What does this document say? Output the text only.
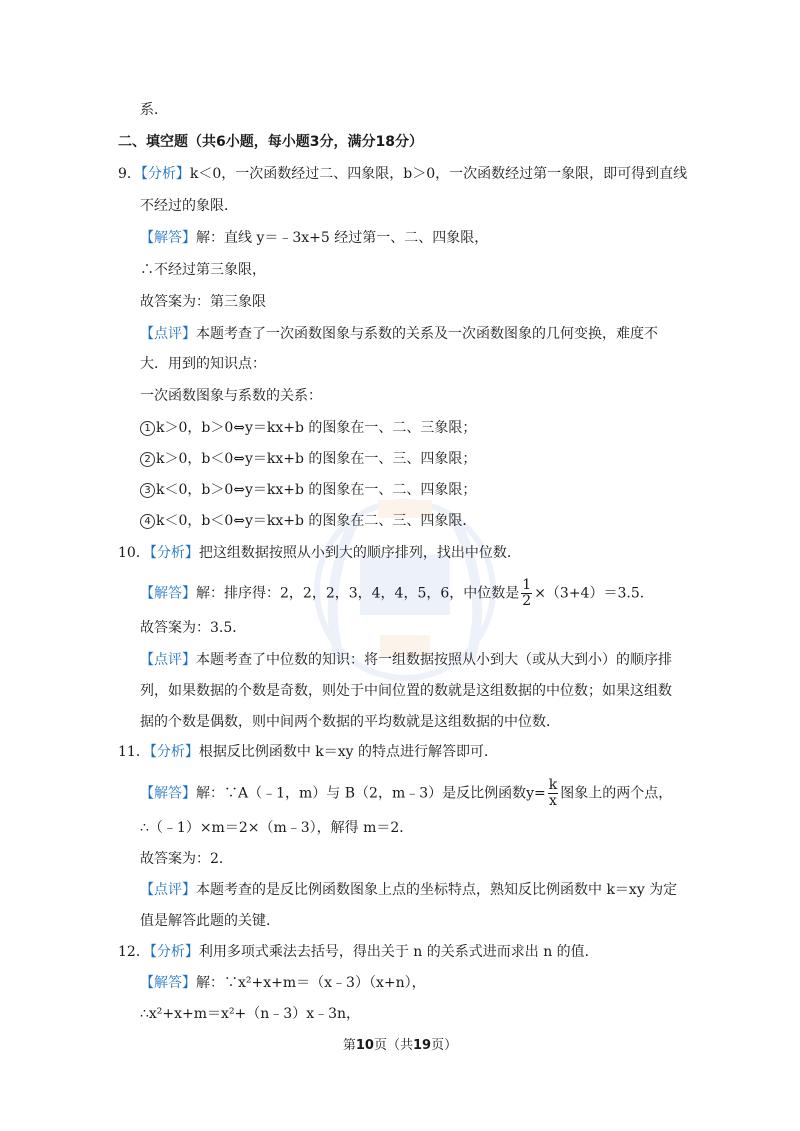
系．
二、填空题（共6小题，每小题3分，满分18分）
9．【分析】k＜0，一次函数经过二、四象限，b＞0，一次函数经过第一象限，即可得到直线
不经过的象限．
【解答】解：直线 y＝﹣3x+5 经过第一、二、四象限，
∴不经过第三象限，
故答案为：第三象限
【点评】本题考查了一次函数图象与系数的关系及一次函数图象的几何变换，难度不
大．用到的知识点：
一次函数图象与系数的关系：
1 k＞0，b＞0⇔y＝kx+b 的图象在一、二、三象限；
2 k＞0，b＜0⇔y＝kx+b 的图象在一、三、四象限；
3 k＜0，b＞0⇔y＝kx+b 的图象在一、二、四象限；
4 k＜0，b＜0⇔y＝kx+b 的图象在二、三、四象限．
10．【分析】把这组数据按照从小到大的顺序排列，找出中位数．
【解答】解：排序得：2，2，2，3，4，4，5，6，中位数是 $\frac{1}{2} \times(3+4)=3.5$．
故答案为：3.5．
【点评】本题考查了中位数的知识：将一组数据按照从小到大（或从大到小）的顺序排
列，如果数据的个数是奇数，则处于中间位置的数就是这组数据的中位数；如果这组数
据的个数是偶数，则中间两个数据的平均数就是这组数据的中位数．
11．【分析】根据反比例函数中 k＝xy 的特点进行解答即可．
【解答】解：∵A（﹣1，m）与 B（2，m﹣3）是反比例函数$y= \frac{k}{x}$ 图象上的两个点，
∴（﹣1）×m＝2×（m﹣3），解得 m＝2．
故答案为：2．
【点评】本题考查的是反比例函数图象上点的坐标特点，熟知反比例函数中 k＝xy 为定
值是解答此题的关键．
12．【分析】利用多项式乘法去括号，得出关于 n 的关系式进而求出 n 的值．
【解答】解：∵x²+x+m＝（x﹣3）（x+n），
∴x²+x+m＝x²+（n﹣3）x﹣3n，
第10页（共19页）
